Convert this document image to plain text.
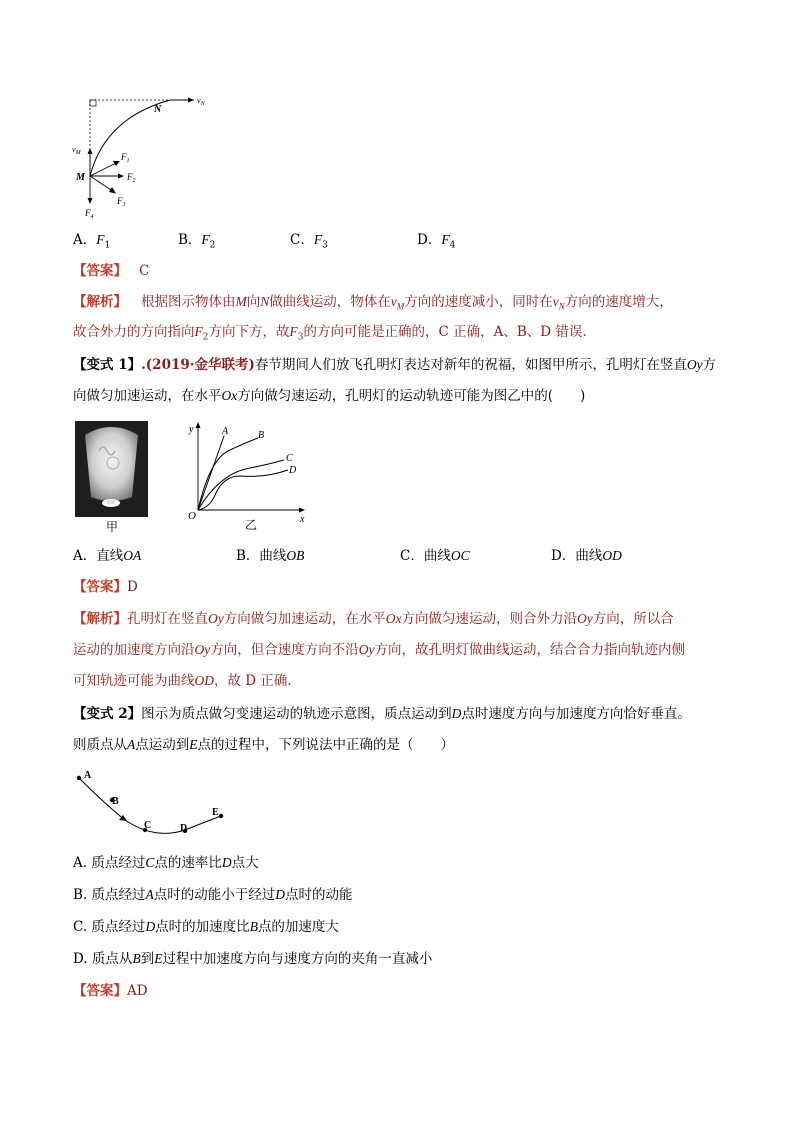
$v_N$
N
$v_M$
M
$F_1$
$F_2$
$F_3$
$F_4$
A．$F_1$	B．$F_2$	C．$F_3$	D．$F_4$
【答案】 C
【解析】 根据图示物体由M向N做曲线运动，物体在$v_M$方向的速度减小，同时在$v_N$方向的速度增大，
故合外力的方向指向$F_2$方向下方，故$F_3$的方向可能是正确的，C 正确，A、B、D 错误.
【变式 1】.(2019·金华联考)春节期间人们放飞孔明灯表达对新年的祝福，如图甲所示，孔明灯在竖直Oy方
向做匀加速运动，在水平Ox方向做匀速运动，孔明灯的运动轨迹可能为图乙中的(　　)
甲
y
x
O
A	B
C
D
乙
A．直线OA	B．曲线OB	C．曲线OC	D．曲线OD
【答案】D
【解析】孔明灯在竖直Oy方向做匀加速运动，在水平Ox方向做匀速运动，则合外力沿Oy方向，所以合
运动的加速度方向沿Oy方向，但合速度方向不沿Oy方向，故孔明灯做曲线运动，结合合力指向轨迹内侧
可知轨迹可能为曲线OD，故 D 正确.
【变式 2】图示为质点做匀变速运动的轨迹示意图，质点运动到D点时速度方向与加速度方向恰好垂直。
则质点从A点运动到E点的过程中，下列说法中正确的是（　　）
A
B
C	D
E
A. 质点经过C点的速率比D点大
B. 质点经过A点时的动能小于经过D点时的动能
C. 质点经过D点时的加速度比B点的加速度大
D. 质点从B到E过程中加速度方向与速度方向的夹角一直减小
【答案】AD
